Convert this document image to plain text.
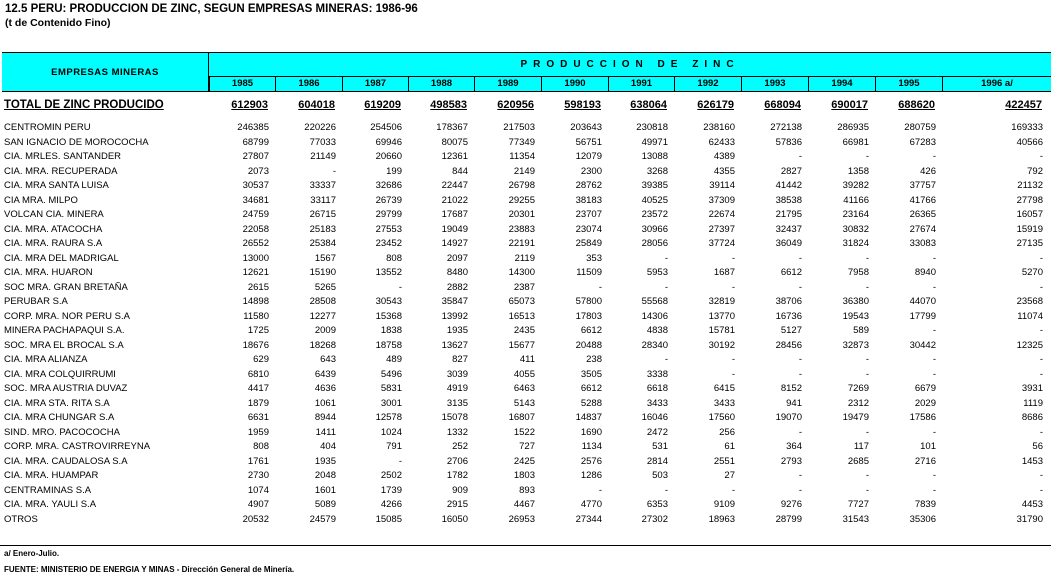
12.5 PERU: PRODUCCION DE ZINC, SEGUN EMPRESAS MINERAS: 1986-96
(t de Contenido Fino)
EMPRESAS MINERAS
PRODUCCION DE ZINC
1985	1986	1987	1988	1989	1990	1991	1992	1993	1994	1995	1996 a/
TOTAL DE ZINC PRODUCIDO	612903	604018	619209	498583	620956	598193	638064	626179	668094	690017	688620	422457
CENTROMIN PERU	246385	220226	254506	178367	217503	203643	230818	238160	272138	286935	280759	169333
SAN IGNACIO DE MOROCOCHA	68799	77033	69946	80075	77349	56751	49971	62433	57836	66981	67283	40566
CIA. MRLES. SANTANDER	27807	21149	20660	12361	11354	12079	13088	4389	-	-	-	-
CIA. MRA. RECUPERADA	2073	-	199	844	2149	2300	3268	4355	2827	1358	426	792
CIA. MRA SANTA LUISA	30537	33337	32686	22447	26798	28762	39385	39114	41442	39282	37757	21132
CIA MRA. MILPO	34681	33117	26739	21022	29255	38183	40525	37309	38538	41166	41766	27798
VOLCAN CIA. MINERA	24759	26715	29799	17687	20301	23707	23572	22674	21795	23164	26365	16057
CIA. MRA. ATACOCHA	22058	25183	27553	19049	23883	23074	30966	27397	32437	30832	27674	15919
CIA. MRA. RAURA S.A	26552	25384	23452	14927	22191	25849	28056	37724	36049	31824	33083	27135
CIA. MRA DEL MADRIGAL	13000	1567	808	2097	2119	353	-	-	-	-	-	-
CIA. MRA. HUARON	12621	15190	13552	8480	14300	11509	5953	1687	6612	7958	8940	5270
SOC MRA. GRAN BRETAÑA	2615	5265	-	2882	2387	-	-	-	-	-	-	-
PERUBAR S.A	14898	28508	30543	35847	65073	57800	55568	32819	38706	36380	44070	23568
CORP. MRA. NOR PERU S.A	11580	12277	15368	13992	16513	17803	14306	13770	16736	19543	17799	11074
MINERA PACHAPAQUI S.A.	1725	2009	1838	1935	2435	6612	4838	15781	5127	589	-	-
SOC. MRA EL BROCAL S.A	18676	18268	18758	13627	15677	20488	28340	30192	28456	32873	30442	12325
CIA. MRA ALIANZA	629	643	489	827	411	238	-	-	-	-	-	-
CIA. MRA COLQUIRRUMI	6810	6439	5496	3039	4055	3505	3338	-	-	-	-	-
SOC. MRA AUSTRIA DUVAZ	4417	4636	5831	4919	6463	6612	6618	6415	8152	7269	6679	3931
CIA. MRA STA. RITA S.A	1879	1061	3001	3135	5143	5288	3433	3433	941	2312	2029	1119
CIA. MRA CHUNGAR S.A	6631	8944	12578	15078	16807	14837	16046	17560	19070	19479	17586	8686
SIND. MRO. PACOCOCHA	1959	1411	1024	1332	1522	1690	2472	256	-	-	-	-
CORP. MRA. CASTROVIRREYNA	808	404	791	252	727	1134	531	61	364	117	101	56
CIA. MRA. CAUDALOSA S.A	1761	1935	-	2706	2425	2576	2814	2551	2793	2685	2716	1453
CIA. MRA. HUAMPAR	2730	2048	2502	1782	1803	1286	503	27	-	-	-	-
CENTRAMINAS S.A	1074	1601	1739	909	893	-	-	-	-	-	-	-
CIA. MRA. YAULI S.A	4907	5089	4266	2915	4467	4770	6353	9109	9276	7727	7839	4453
OTROS	20532	24579	15085	16050	26953	27344	27302	18963	28799	31543	35306	31790
a/ Enero-Julio.
FUENTE: MINISTERIO DE ENERGIA Y MINAS - Dirección General de Minería.
